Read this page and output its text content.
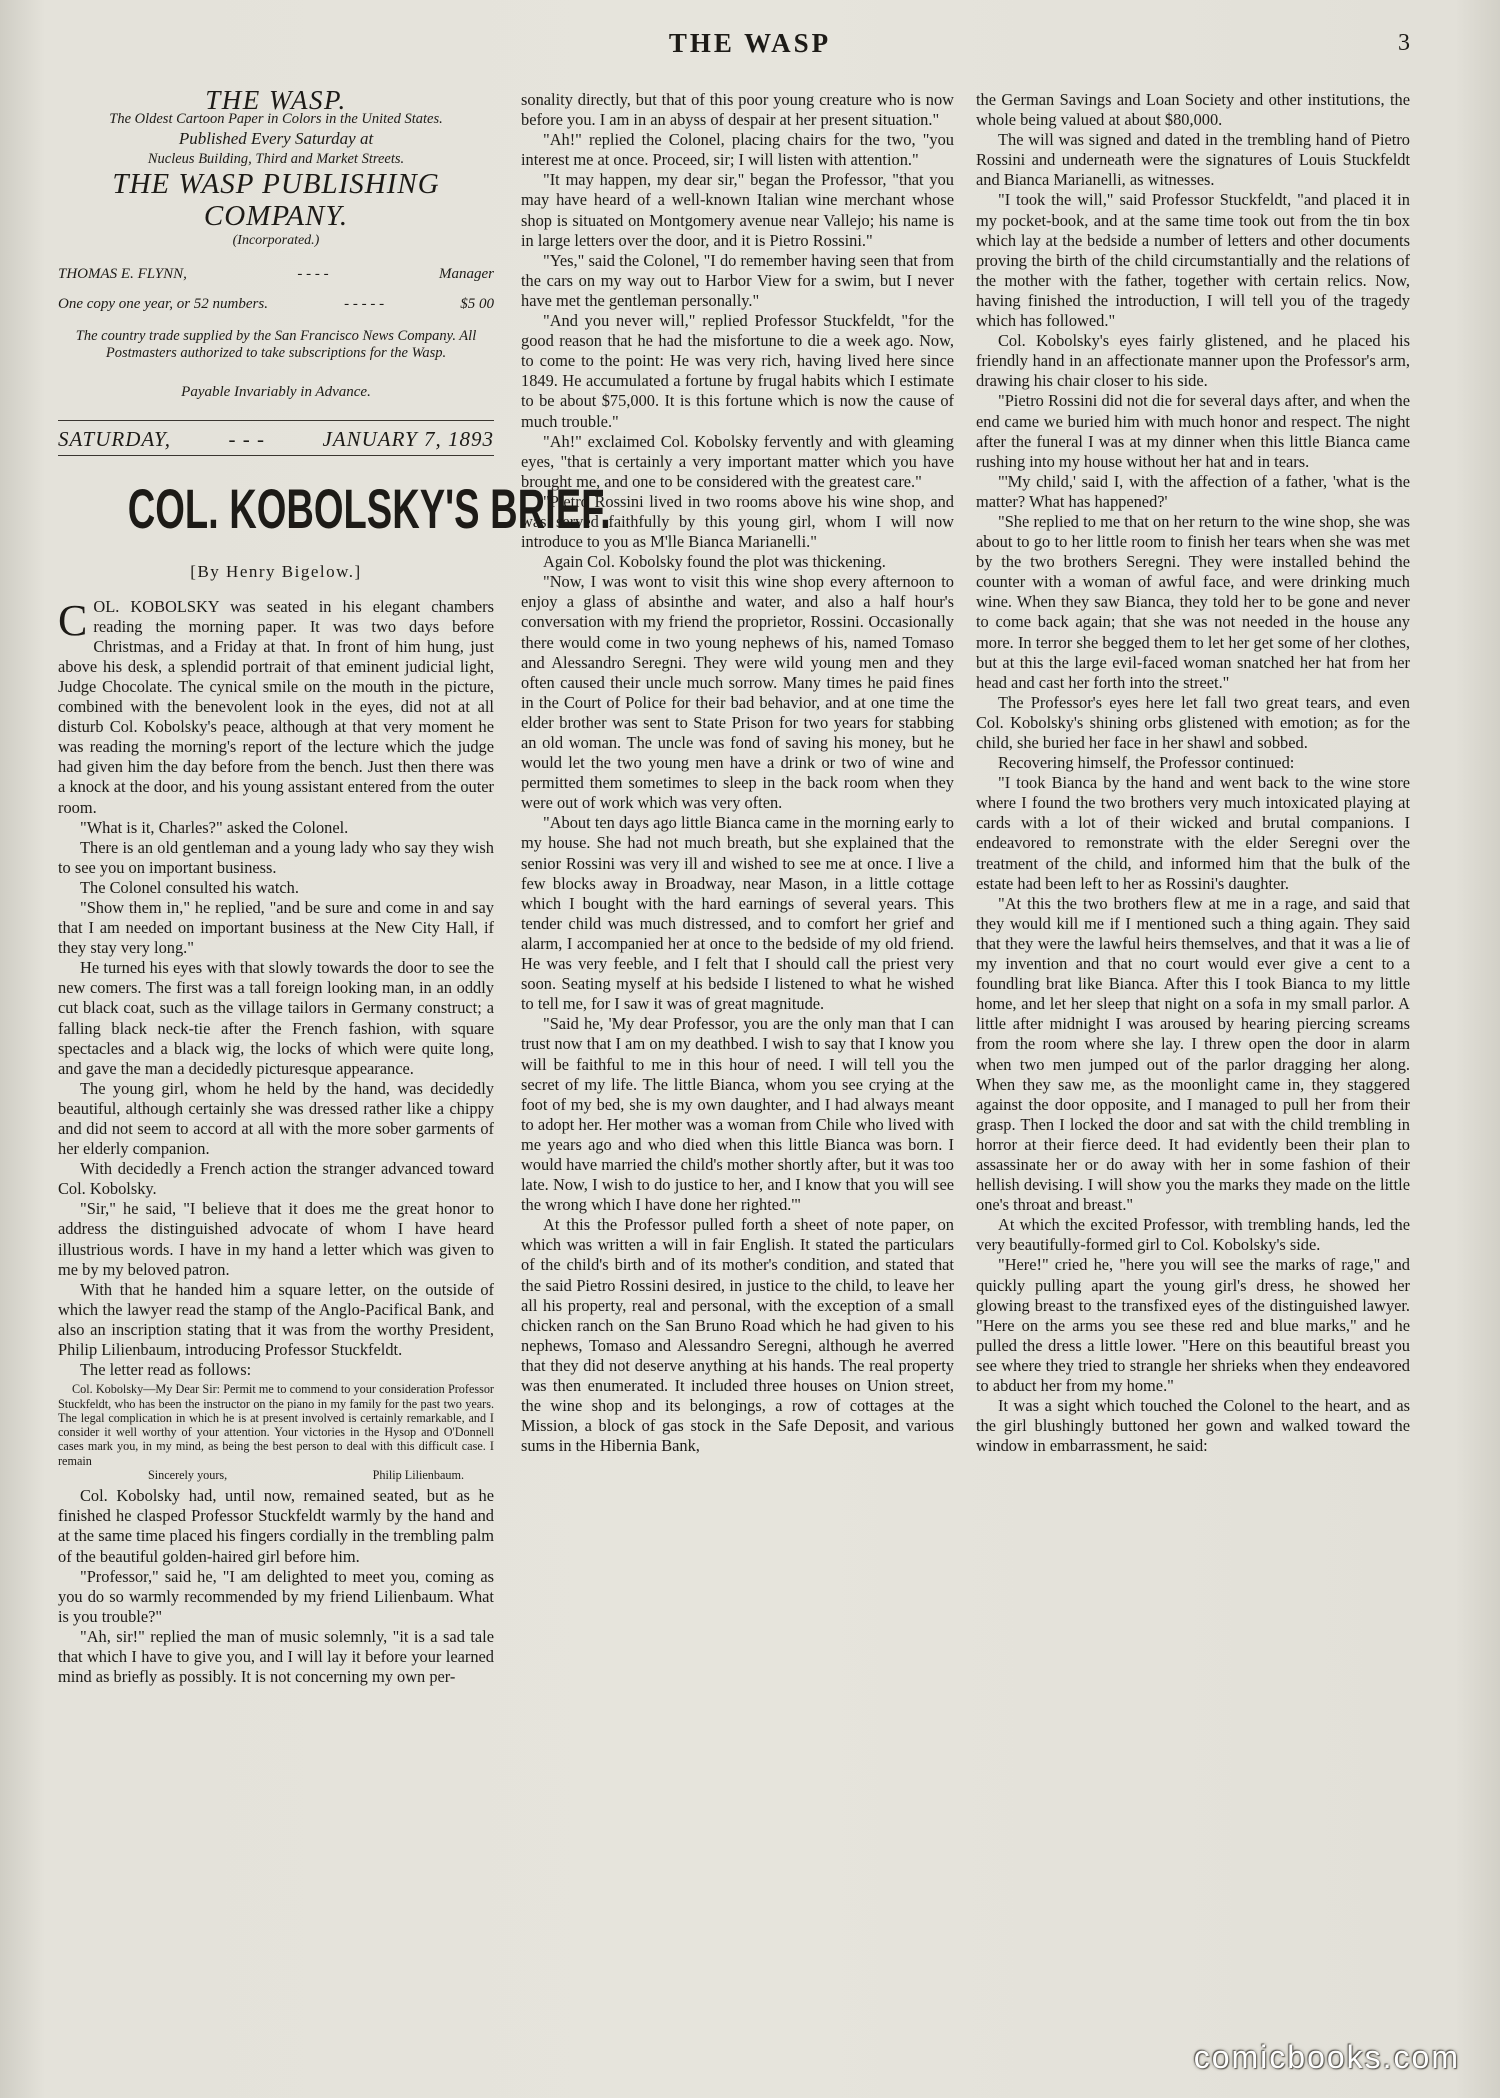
THE WASP	3
THE WASP.
The Oldest Cartoon Paper in Colors in the United States.
Published Every Saturday at
Nucleus Building, Third and Market Streets.
THE WASP PUBLISHING COMPANY.
(Incorporated.)
THOMAS E. FLYNN,	- - - -	Manager
One copy one year, or 52 numbers.	- - - - -	$5 00
The country trade supplied by the San Francisco News Company. All Postmasters authorized to take subscriptions for the Wasp.
Payable Invariably in Advance.
SATURDAY,	- - -	JANUARY 7, 1893
COL. KOBOLSKY'S BRIEF.
[By Henry Bigelow.]

COL. KOBOLSKY was seated in his elegant chambers reading the morning paper. It was two days before Christmas, and a Friday at that. In front of him hung, just above his desk, a splendid portrait of that eminent judicial light, Judge Chocolate. The cynical smile on the mouth in the picture, combined with the benevolent look in the eyes, did not at all disturb Col. Kobolsky's peace, although at that very moment he was reading the morning's report of the lecture which the judge had given him the day before from the bench. Just then there was a knock at the door, and his young assistant entered from the outer room.

"What is it, Charles?" asked the Colonel.

There is an old gentleman and a young lady who say they wish to see you on important business.

The Colonel consulted his watch.

"Show them in," he replied, "and be sure and come in and say that I am needed on important business at the New City Hall, if they stay very long."

He turned his eyes with that slowly towards the door to see the new comers. The first was a tall foreign looking man, in an oddly cut black coat, such as the village tailors in Germany construct; a falling black neck-tie after the French fashion, with square spectacles and a black wig, the locks of which were quite long, and gave the man a decidedly picturesque appearance.

The young girl, whom he held by the hand, was decidedly beautiful, although certainly she was dressed rather like a chippy and did not seem to accord at all with the more sober garments of her elderly companion.

With decidedly a French action the stranger advanced toward Col. Kobolsky.

"Sir," he said, "I believe that it does me the great honor to address the distinguished advocate of whom I have heard illustrious words. I have in my hand a letter which was given to me by my beloved patron.

With that he handed him a square letter, on the outside of which the lawyer read the stamp of the Anglo-Pacifical Bank, and also an inscription stating that it was from the worthy President, Philip Lilienbaum, introducing Professor Stuckfeldt.

The letter read as follows:

Col. Kobolsky—My Dear Sir: Permit me to commend to your consideration Professor Stuckfeldt, who has been the instructor on the piano in my family for the past two years. The legal complication in which he is at present involved is certainly remarkable, and I consider it well worthy of your attention. Your victories in the Hysop and O'Donnell cases mark you, in my mind, as being the best person to deal with this difficult case. I remain

Sincerely yours,	Philip Lilienbaum.

Col. Kobolsky had, until now, remained seated, but as he finished he clasped Professor Stuckfeldt warmly by the hand and at the same time placed his fingers cordially in the trembling palm of the beautiful golden-haired girl before him.

"Professor," said he, "I am delighted to meet you, coming as you do so warmly recommended by my friend Lilienbaum. What is you trouble?"

"Ah, sir!" replied the man of music solemnly, "it is a sad tale that which I have to give you, and I will lay it before your learned mind as briefly as possibly. It is not concerning my own per-

sonality directly, but that of this poor young creature who is now before you. I am in an abyss of despair at her present situation."

"Ah!" replied the Colonel, placing chairs for the two, "you interest me at once. Proceed, sir; I will listen with attention."

"It may happen, my dear sir," began the Professor, "that you may have heard of a well-known Italian wine merchant whose shop is situated on Montgomery avenue near Vallejo; his name is in large letters over the door, and it is Pietro Rossini."

"Yes," said the Colonel, "I do remember having seen that from the cars on my way out to Harbor View for a swim, but I never have met the gentleman personally."

"And you never will," replied Professor Stuckfeldt, "for the good reason that he had the misfortune to die a week ago. Now, to come to the point: He was very rich, having lived here since 1849. He accumulated a fortune by frugal habits which I estimate to be about $75,000. It is this fortune which is now the cause of much trouble."

"Ah!" exclaimed Col. Kobolsky fervently and with gleaming eyes, "that is certainly a very important matter which you have brought me, and one to be considered with the greatest care."

"Pietro Rossini lived in two rooms above his wine shop, and was served faithfully by this young girl, whom I will now introduce to you as M'lle Bianca Marianelli."

Again Col. Kobolsky found the plot was thickening.

"Now, I was wont to visit this wine shop every afternoon to enjoy a glass of absinthe and water, and also a half hour's conversation with my friend the proprietor, Rossini. Occasionally there would come in two young nephews of his, named Tomaso and Alessandro Seregni. They were wild young men and they often caused their uncle much sorrow. Many times he paid fines in the Court of Police for their bad behavior, and at one time the elder brother was sent to State Prison for two years for stabbing an old woman. The uncle was fond of saving his money, but he would let the two young men have a drink or two of wine and permitted them sometimes to sleep in the back room when they were out of work which was very often.

"About ten days ago little Bianca came in the morning early to my house. She had not much breath, but she explained that the senior Rossini was very ill and wished to see me at once. I live a few blocks away in Broadway, near Mason, in a little cottage which I bought with the hard earnings of several years. This tender child was much distressed, and to comfort her grief and alarm, I accompanied her at once to the bedside of my old friend. He was very feeble, and I felt that I should call the priest very soon. Seating myself at his bedside I listened to what he wished to tell me, for I saw it was of great magnitude.

"Said he, 'My dear Professor, you are the only man that I can trust now that I am on my deathbed. I wish to say that I know you will be faithful to me in this hour of need. I will tell you the secret of my life. The little Bianca, whom you see crying at the foot of my bed, she is my own daughter, and I had always meant to adopt her. Her mother was a woman from Chile who lived with me years ago and who died when this little Bianca was born. I would have married the child's mother shortly after, but it was too late. Now, I wish to do justice to her, and I know that you will see the wrong which I have done her righted.'"

At this the Professor pulled forth a sheet of note paper, on which was written a will in fair English. It stated the particulars of the child's birth and of its mother's condition, and stated that the said Pietro Rossini desired, in justice to the child, to leave her all his property, real and personal, with the exception of a small chicken ranch on the San Bruno Road which he had given to his nephews, Tomaso and Alessandro Seregni, although he averred that they did not deserve anything at his hands. The real property was then enumerated. It included three houses on Union street, the wine shop and its belongings, a row of cottages at the Mission, a block of gas stock in the Safe Deposit, and various sums in the Hibernia Bank,

the German Savings and Loan Society and other institutions, the whole being valued at about $80,000.

The will was signed and dated in the trembling hand of Pietro Rossini and underneath were the signatures of Louis Stuckfeldt and Bianca Marianelli, as witnesses.

"I took the will," said Professor Stuckfeldt, "and placed it in my pocket-book, and at the same time took out from the tin box which lay at the bedside a number of letters and other documents proving the birth of the child circumstantially and the relations of the mother with the father, together with certain relics. Now, having finished the introduction, I will tell you of the tragedy which has followed."

Col. Kobolsky's eyes fairly glistened, and he placed his friendly hand in an affectionate manner upon the Professor's arm, drawing his chair closer to his side.

"Pietro Rossini did not die for several days after, and when the end came we buried him with much honor and respect. The night after the funeral I was at my dinner when this little Bianca came rushing into my house without her hat and in tears.

"'My child,' said I, with the affection of a father, 'what is the matter? What has happened?'

"She replied to me that on her return to the wine shop, she was about to go to her little room to finish her tears when she was met by the two brothers Seregni. They were installed behind the counter with a woman of awful face, and were drinking much wine. When they saw Bianca, they told her to be gone and never to come back again; that she was not needed in the house any more. In terror she begged them to let her get some of her clothes, but at this the large evil-faced woman snatched her hat from her head and cast her forth into the street."

The Professor's eyes here let fall two great tears, and even Col. Kobolsky's shining orbs glistened with emotion; as for the child, she buried her face in her shawl and sobbed.

Recovering himself, the Professor continued:

"I took Bianca by the hand and went back to the wine store where I found the two brothers very much intoxicated playing at cards with a lot of their wicked and brutal companions. I endeavored to remonstrate with the elder Seregni over the treatment of the child, and informed him that the bulk of the estate had been left to her as Rossini's daughter.

"At this the two brothers flew at me in a rage, and said that they would kill me if I mentioned such a thing again. They said that they were the lawful heirs themselves, and that it was a lie of my invention and that no court would ever give a cent to a foundling brat like Bianca. After this I took Bianca to my little home, and let her sleep that night on a sofa in my small parlor. A little after midnight I was aroused by hearing piercing screams from the room where she lay. I threw open the door in alarm when two men jumped out of the parlor dragging her along. When they saw me, as the moonlight came in, they staggered against the door opposite, and I managed to pull her from their grasp. Then I locked the door and sat with the child trembling in horror at their fierce deed. It had evidently been their plan to assassinate her or do away with her in some fashion of their hellish devising. I will show you the marks they made on the little one's throat and breast."

At which the excited Professor, with trembling hands, led the very beautifully-formed girl to Col. Kobolsky's side.

"Here!" cried he, "here you will see the marks of rage," and quickly pulling apart the young girl's dress, he showed her glowing breast to the transfixed eyes of the distinguished lawyer. "Here on the arms you see these red and blue marks," and he pulled the dress a little lower. "Here on this beautiful breast you see where they tried to strangle her shrieks when they endeavored to abduct her from my home."

It was a sight which touched the Colonel to the heart, and as the girl blushingly buttoned her gown and walked toward the window in embarrassment, he said:

comicbooks.com
